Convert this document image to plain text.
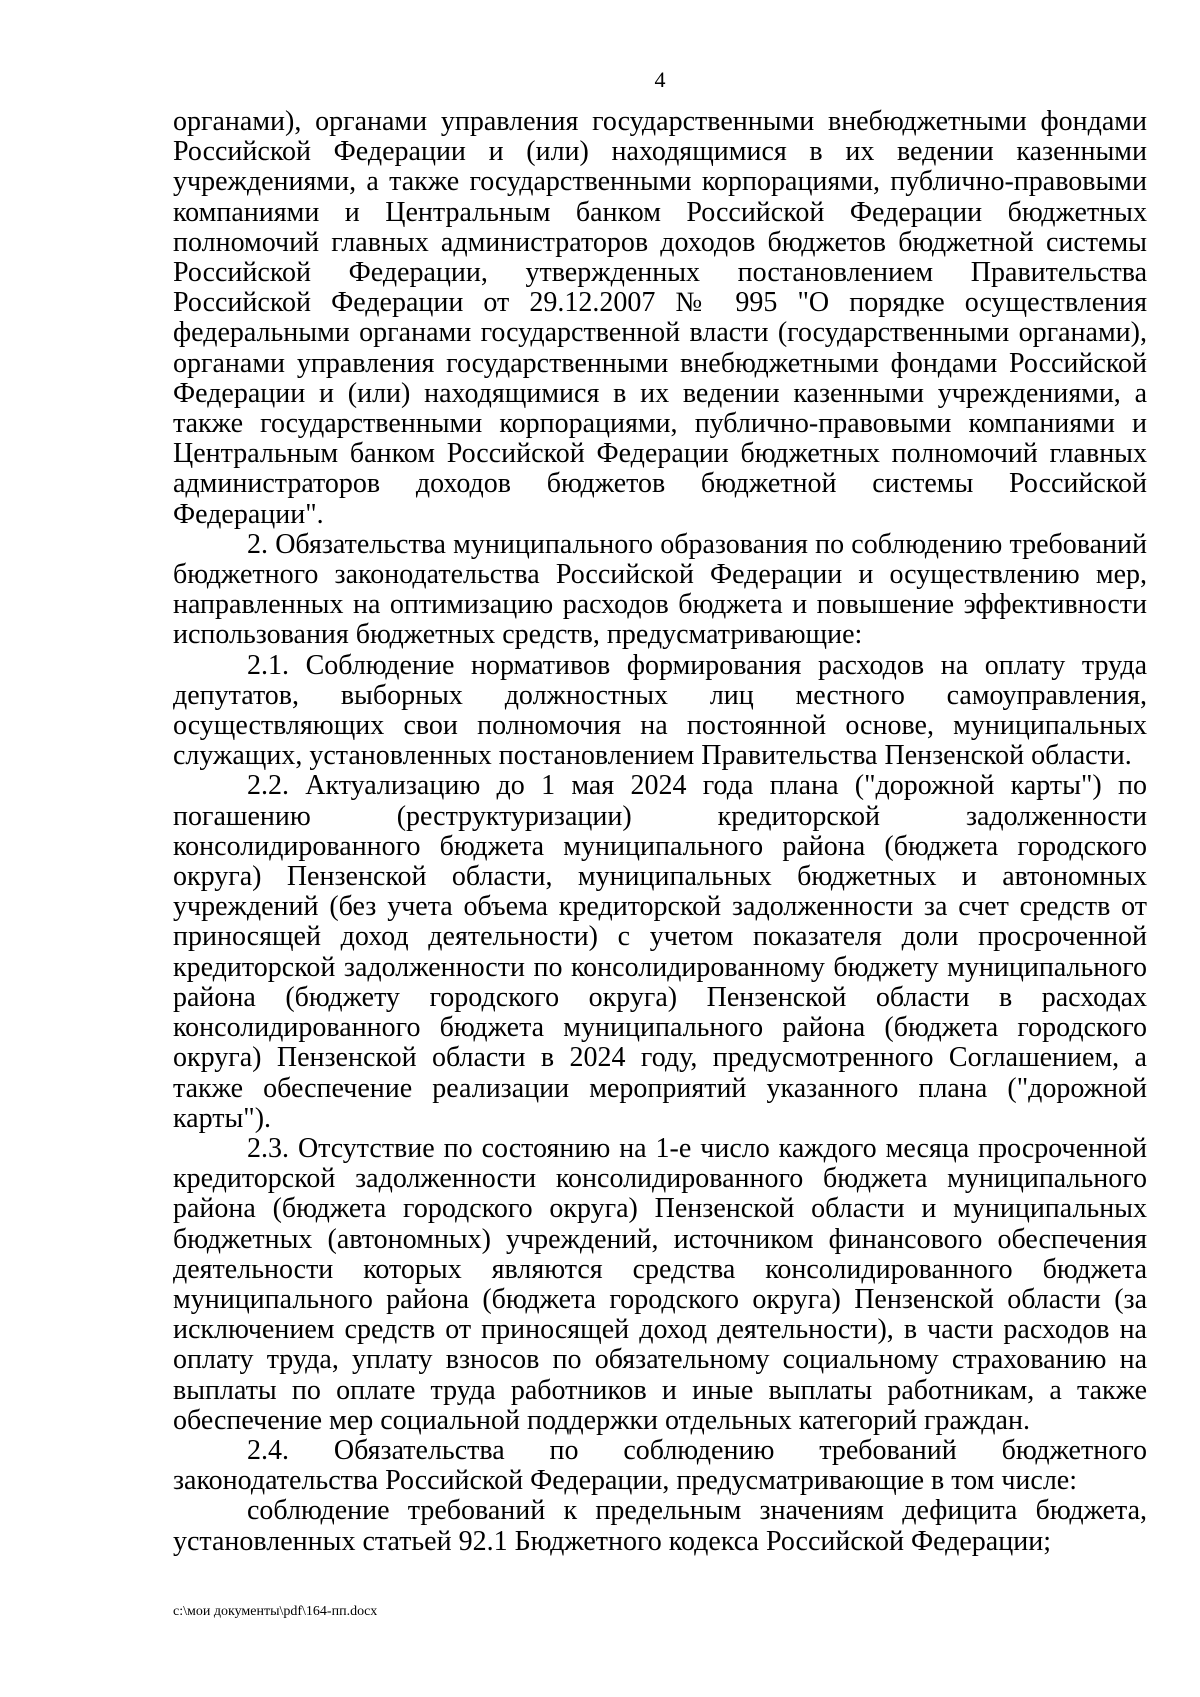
4

органами), органами управления государственными внебюджетными фондами Российской Федерации и (или) находящимися в их ведении казенными учреждениями, а также государственными корпорациями, публично-правовыми компаниями и Центральным банком Российской Федерации бюджетных полномочий главных администраторов доходов бюджетов бюджетной системы Российской Федерации, утвержденных постановлением Правительства Российской Федерации от 29.12.2007 № 995 "О порядке осуществления федеральными органами государственной власти (государственными органами), органами управления государственными внебюджетными фондами Российской Федерации и (или) находящимися в их ведении казенными учреждениями, а также государственными корпорациями, публично-правовыми компаниями и Центральным банком Российской Федерации бюджетных полномочий главных администраторов доходов бюджетов бюджетной системы Российской Федерации".

2. Обязательства муниципального образования по соблюдению требований бюджетного законодательства Российской Федерации и осуществлению мер, направленных на оптимизацию расходов бюджета и повышение эффективности использования бюджетных средств, предусматривающие:

2.1. Соблюдение нормативов формирования расходов на оплату труда депутатов, выборных должностных лиц местного самоуправления, осуществляющих свои полномочия на постоянной основе, муниципальных служащих, установленных постановлением Правительства Пензенской области.

2.2. Актуализацию до 1 мая 2024 года плана ("дорожной карты") по погашению (реструктуризации) кредиторской задолженности консолидированного бюджета муниципального района (бюджета городского округа) Пензенской области, муниципальных бюджетных и автономных учреждений (без учета объема кредиторской задолженности за счет средств от приносящей доход деятельности) с учетом показателя доли просроченной кредиторской задолженности по консолидированному бюджету муниципального района (бюджету городского округа) Пензенской области в расходах консолидированного бюджета муниципального района (бюджета городского округа) Пензенской области в 2024 году, предусмотренного Соглашением, а также обеспечение реализации мероприятий указанного плана ("дорожной карты").

2.3. Отсутствие по состоянию на 1-е число каждого месяца просроченной кредиторской задолженности консолидированного бюджета муниципального района (бюджета городского округа) Пензенской области и муниципальных бюджетных (автономных) учреждений, источником финансового обеспечения деятельности которых являются средства консолидированного бюджета муниципального района (бюджета городского округа) Пензенской области (за исключением средств от приносящей доход деятельности), в части расходов на оплату труда, уплату взносов по обязательному социальному страхованию на выплаты по оплате труда работников и иные выплаты работникам, а также обеспечение мер социальной поддержки отдельных категорий граждан.

2.4. Обязательства по соблюдению требований бюджетного законодательства Российской Федерации, предусматривающие в том числе:

соблюдение требований к предельным значениям дефицита бюджета, установленных статьей 92.1 Бюджетного кодекса Российской Федерации;

c:\мои документы\pdf\164-пп.docx
